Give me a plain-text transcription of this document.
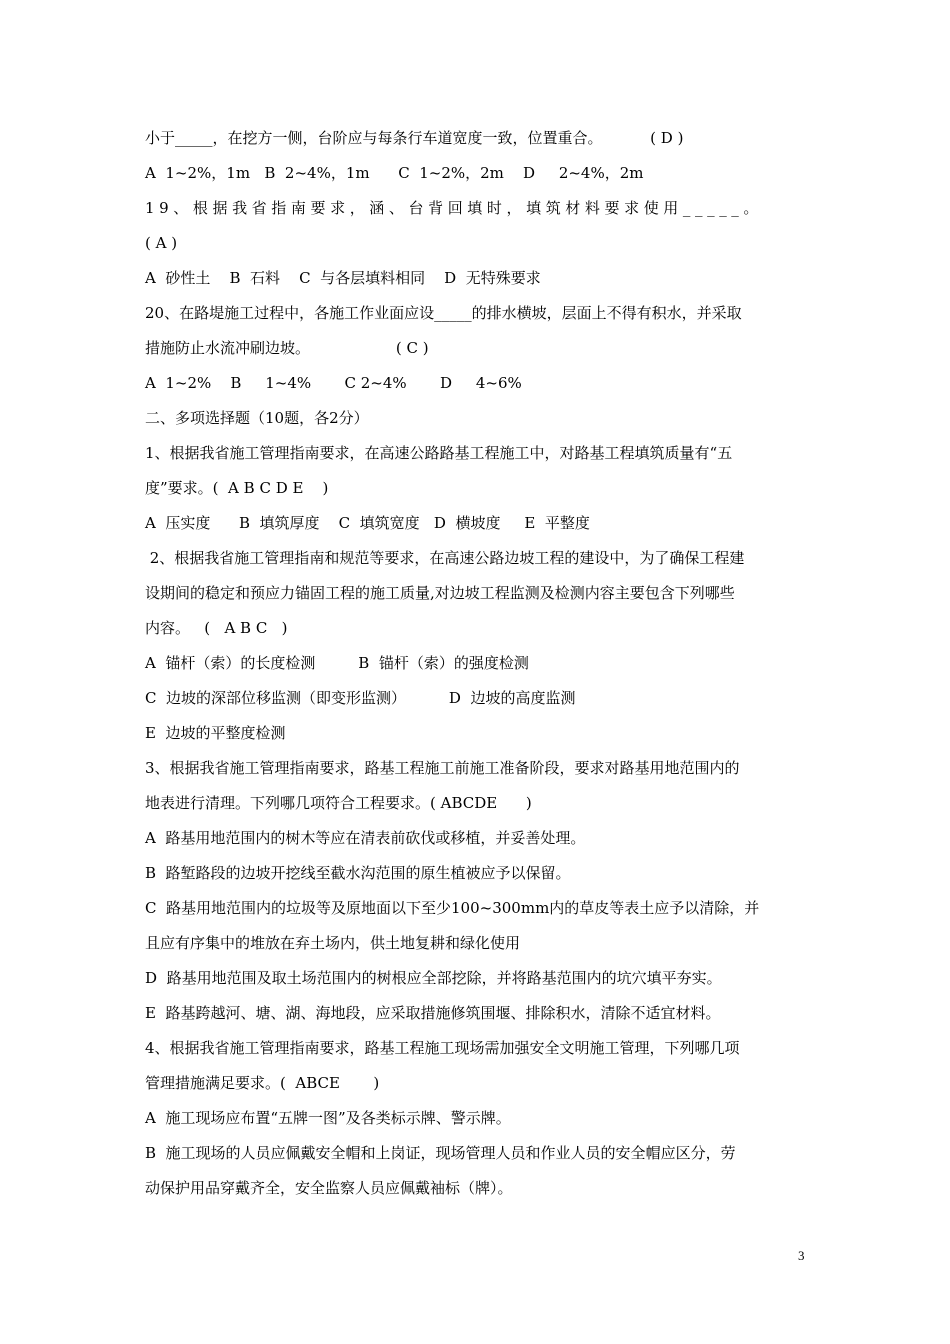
小于_____，在挖方一侧，台阶应与每条行车道宽度一致，位置重合。          ( D )

A  1~2%，1m   B  2~4%，1m      C  1~2%，2m    D     2~4%，2m

19、根据我省指南要求，涵、台背回填时，填筑材料要求使用_____。

( A )

A  砂性土    B  石料    C  与各层填料相同    D  无特殊要求

20、在路堤施工过程中，各施工作业面应设_____的排水横坡，层面上不得有积水，并采取

措施防止水流冲刷边坡。                  ( C )

A  1~2%    B     1~4%       C 2~4%       D     4~6%

二、多项选择题（10题，各2分）

1、根据我省施工管理指南要求，在高速公路路基工程施工中，对路基工程填筑质量有“五

度”要求。(  A B C D E    )

A  压实度      B  填筑厚度    C  填筑宽度   D  横坡度     E  平整度

2、根据我省施工管理指南和规范等要求，在高速公路边坡工程的建设中，为了确保工程建

设期间的稳定和预应力锚固工程的施工质量,对边坡工程监测及检测内容主要包含下列哪些

内容。   (   A B C   )

A  锚杆（索）的长度检测         B  锚杆（索）的强度检测

C  边坡的深部位移监测（即变形监测）         D  边坡的高度监测

E  边坡的平整度检测

3、根据我省施工管理指南要求，路基工程施工前施工准备阶段，要求对路基用地范围内的

地表进行清理。下列哪几项符合工程要求。( ABCDE      )

A  路基用地范围内的树木等应在清表前砍伐或移植，并妥善处理。

B  路堑路段的边坡开挖线至截水沟范围的原生植被应予以保留。

C  路基用地范围内的垃圾等及原地面以下至少100~300mm内的草皮等表土应予以清除，并

且应有序集中的堆放在弃土场内，供土地复耕和绿化使用

D  路基用地范围及取土场范围内的树根应全部挖除，并将路基范围内的坑穴填平夯实。

E  路基跨越河、塘、湖、海地段，应采取措施修筑围堰、排除积水，清除不适宜材料。

4、根据我省施工管理指南要求，路基工程施工现场需加强安全文明施工管理，下列哪几项

管理措施满足要求。(  ABCE       )

A  施工现场应布置“五牌一图”及各类标示牌、警示牌。

B  施工现场的人员应佩戴安全帽和上岗证，现场管理人员和作业人员的安全帽应区分，劳

动保护用品穿戴齐全，安全监察人员应佩戴袖标（牌）。

3
